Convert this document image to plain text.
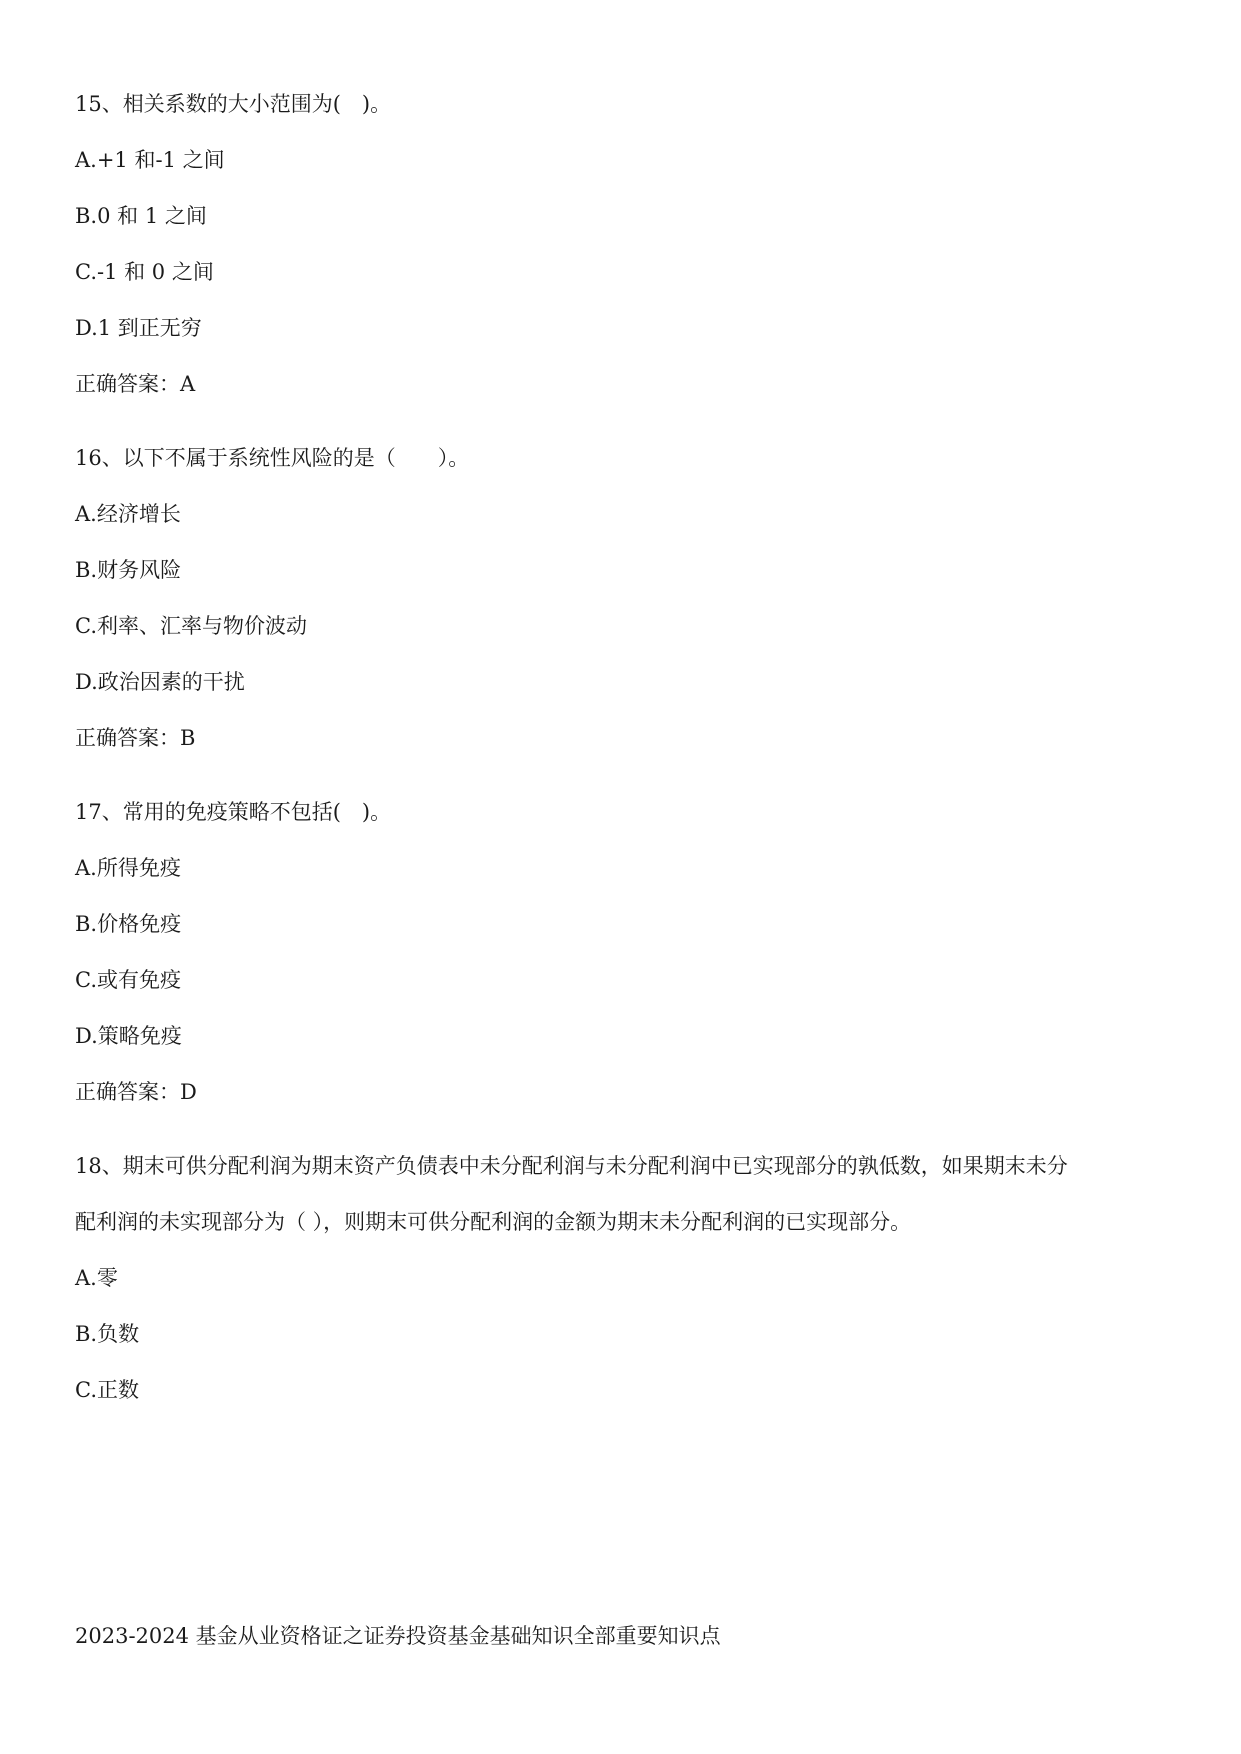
15、相关系数的大小范围为(　)。
A.+1 和-1 之间
B.0 和 1 之间
C.-1 和 0 之间
D.1 到正无穷
正确答案：A
16、以下不属于系统性风险的是（　　）。
A.经济增长
B.财务风险
C.利率、汇率与物价波动
D.政治因素的干扰
正确答案：B
17、常用的免疫策略不包括(　)。
A.所得免疫
B.价格免疫
C.或有免疫
D.策略免疫
正确答案：D
18、期末可供分配利润为期末资产负债表中未分配利润与未分配利润中已实现部分的孰低数，如果期末未分
配利润的未实现部分为（ ），则期末可供分配利润的金额为期末未分配利润的已实现部分。
A.零
B.负数
C.正数
2023-2024 基金从业资格证之证券投资基金基础知识全部重要知识点
